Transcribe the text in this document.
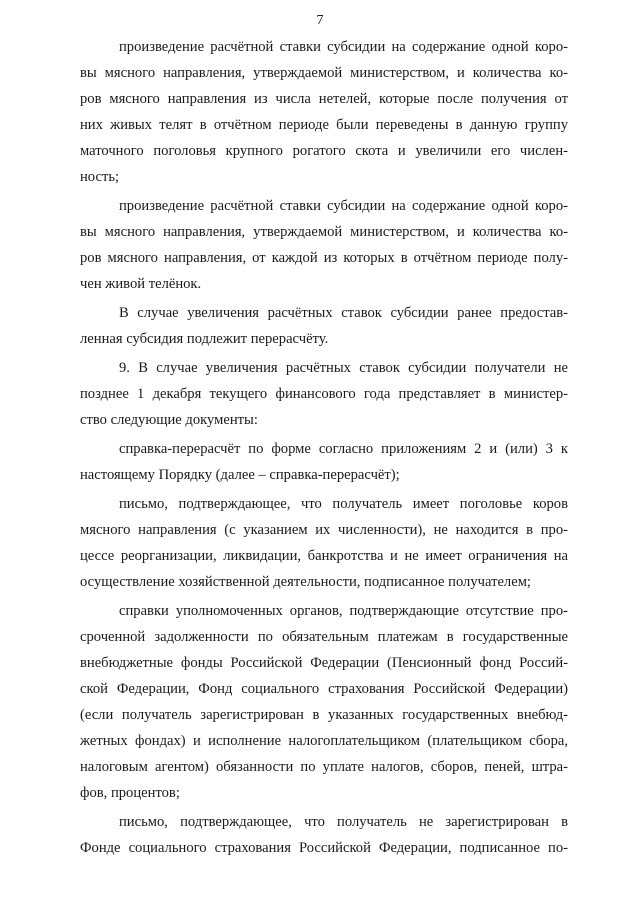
7

произведение расчётной ставки субсидии на содержание одной коро-
вы мясного направления, утверждаемой министерством, и количества ко-
ров мясного направления из числа нетелей, которые после получения от
них живых телят в отчётном периоде были переведены в данную группу
маточного поголовья крупного рогатого скота и увеличили его числен-
ность;

произведение расчётной ставки субсидии на содержание одной коро-
вы мясного направления, утверждаемой министерством, и количества ко-
ров мясного направления, от каждой из которых в отчётном периоде полу-
чен живой телёнок.

В случае увеличения расчётных ставок субсидии ранее предостав-
ленная субсидия подлежит перерасчёту.

9. В случае увеличения расчётных ставок субсидии получатели не
позднее 1 декабря текущего финансового года представляет в министер-
ство следующие документы:

справка-перерасчёт по форме согласно приложениям 2 и (или) 3 к
настоящему Порядку (далее – справка-перерасчёт);

письмо, подтверждающее, что получатель имеет поголовье коров
мясного направления (с указанием их численности), не находится в про-
цессе реорганизации, ликвидации, банкротства и не имеет ограничения на
осуществление хозяйственной деятельности, подписанное получателем;

справки уполномоченных органов, подтверждающие отсутствие про-
сроченной задолженности по обязательным платежам в государственные
внебюджетные фонды Российской Федерации (Пенсионный фонд Россий-
ской Федерации, Фонд социального страхования Российской Федерации)
(если получатель зарегистрирован в указанных государственных внебюд-
жетных фондах) и исполнение налогоплательщиком (плательщиком сбора,
налоговым агентом) обязанности по уплате налогов, сборов, пеней, штра-
фов, процентов;

письмо, подтверждающее, что получатель не зарегистрирован в
Фонде социального страхования Российской Федерации, подписанное по-
